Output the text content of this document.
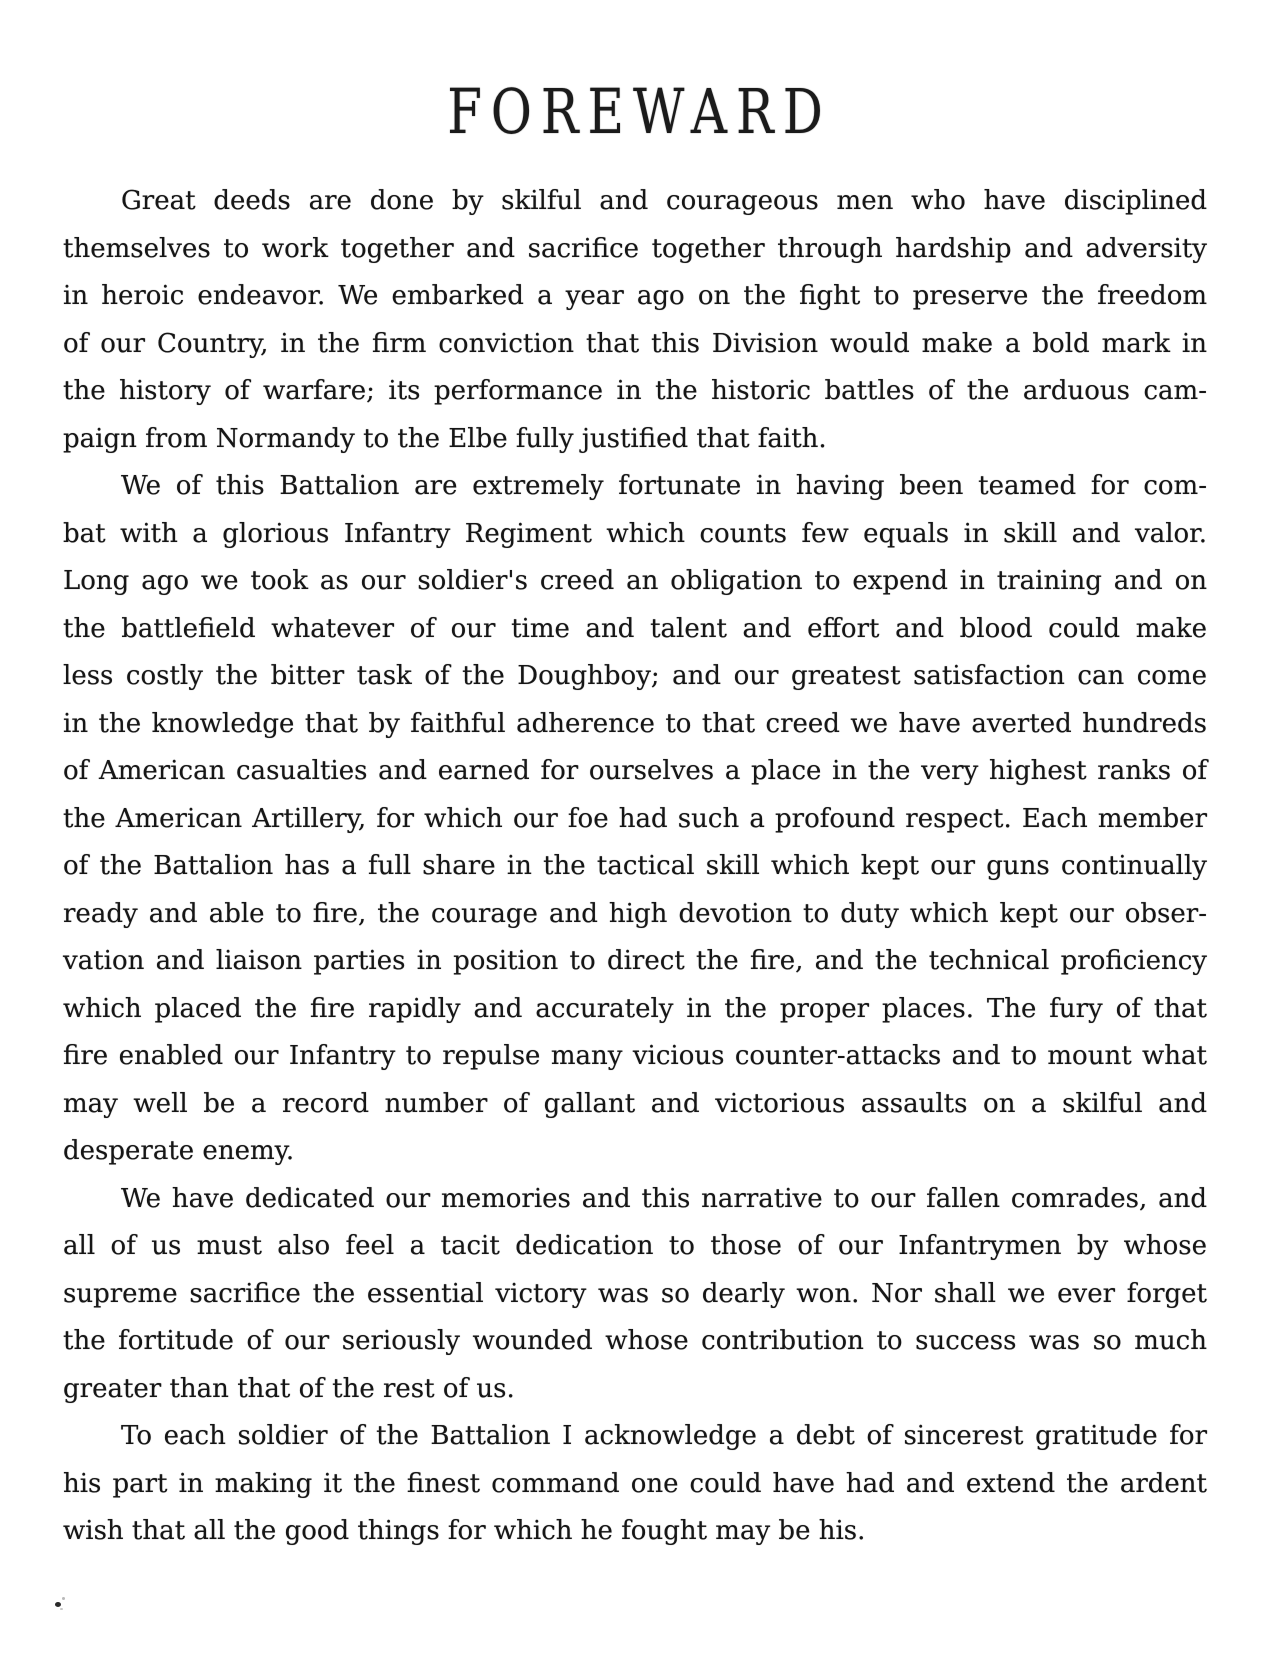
FOREWARD
Great deeds are done by skilful and courageous men who have disciplined
themselves to work together and sacrifice together through hardship and adversity
in heroic endeavor. We embarked a year ago on the fight to preserve the freedom
of our Country, in the firm conviction that this Division would make a bold mark in
the history of warfare; its performance in the historic battles of the arduous cam-
paign from Normandy to the Elbe fully justified that faith.
We of this Battalion are extremely fortunate in having been teamed for com-
bat with a glorious Infantry Regiment which counts few equals in skill and valor.
Long ago we took as our soldier's creed an obligation to expend in training and on
the battlefield whatever of our time and talent and effort and blood could make
less costly the bitter task of the Doughboy; and our greatest satisfaction can come
in the knowledge that by faithful adherence to that creed we have averted hundreds
of American casualties and earned for ourselves a place in the very highest ranks of
the American Artillery, for which our foe had such a profound respect. Each member
of the Battalion has a full share in the tactical skill which kept our guns continually
ready and able to fire, the courage and high devotion to duty which kept our obser-
vation and liaison parties in position to direct the fire, and the technical proficiency
which placed the fire rapidly and accurately in the proper places. The fury of that
fire enabled our Infantry to repulse many vicious counter-attacks and to mount what
may well be a record number of gallant and victorious assaults on a skilful and
desperate enemy.
We have dedicated our memories and this narrative to our fallen comrades, and
all of us must also feel a tacit dedication to those of our Infantrymen by whose
supreme sacrifice the essential victory was so dearly won. Nor shall we ever forget
the fortitude of our seriously wounded whose contribution to success was so much
greater than that of the rest of us.
To each soldier of the Battalion I acknowledge a debt of sincerest gratitude for
his part in making it the finest command one could have had and extend the ardent
wish that all the good things for which he fought may be his.
